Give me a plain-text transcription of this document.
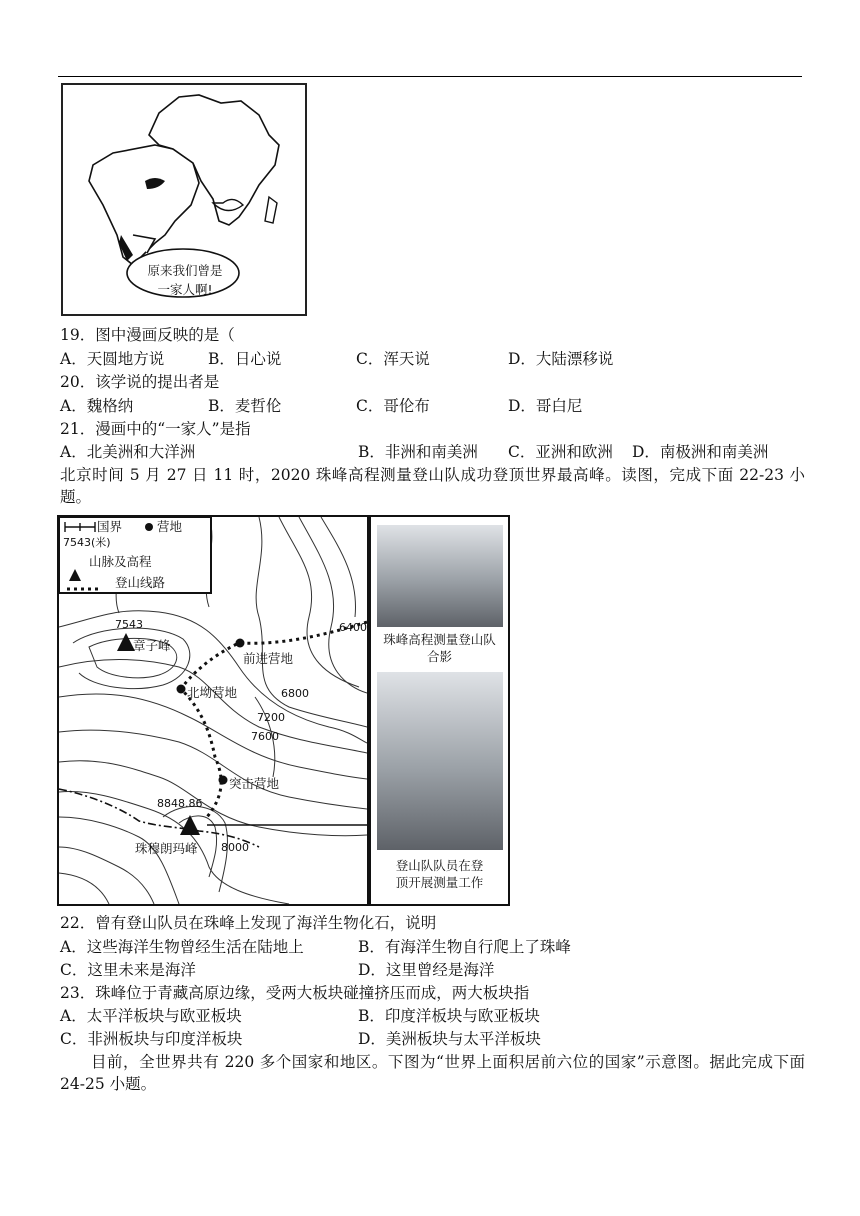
原来我们曾是
一家人啊!
19．图中漫画反映的是（
A．天圆地方说	B．日心说	C．浑天说	D．大陆漂移说
20．该学说的提出者是
A．魏格纳	B．麦哲伦	C．哥伦布	D．哥白尼
21．漫画中的“一家人”是指
A．北美洲和大洋洲	B．非洲和南美洲 C．亚洲和欧洲 D．南极洲和南美洲
北京时间 5 月 27 日 11 时，2020 珠峰高程测量登山队成功登顶世界最高峰。读图，完成下面 22-23 小题。
国界	营地
7543(米)
山脉及高程
登山线路
7543
章子峰
前进营地
北坳营地
突击营地
8848.86
珠穆朗玛峰
6400
6800
7200
7600
8000
珠峰高程测量登山队
合影
登山队队员在登
顶开展测量工作
22．曾有登山队员在珠峰上发现了海洋生物化石，说明
A．这些海洋生物曾经生活在陆地上	B．有海洋生物自行爬上了珠峰
C．这里未来是海洋	D．这里曾经是海洋
23．珠峰位于青藏高原边缘，受两大板块碰撞挤压而成，两大板块指
A．太平洋板块与欧亚板块	B．印度洋板块与欧亚板块
C．非洲板块与印度洋板块	D．美洲板块与太平洋板块
目前，全世界共有 220 多个国家和地区。下图为“世界上面积居前六位的国家”示意图。据此完成下面 24-25 小题。
